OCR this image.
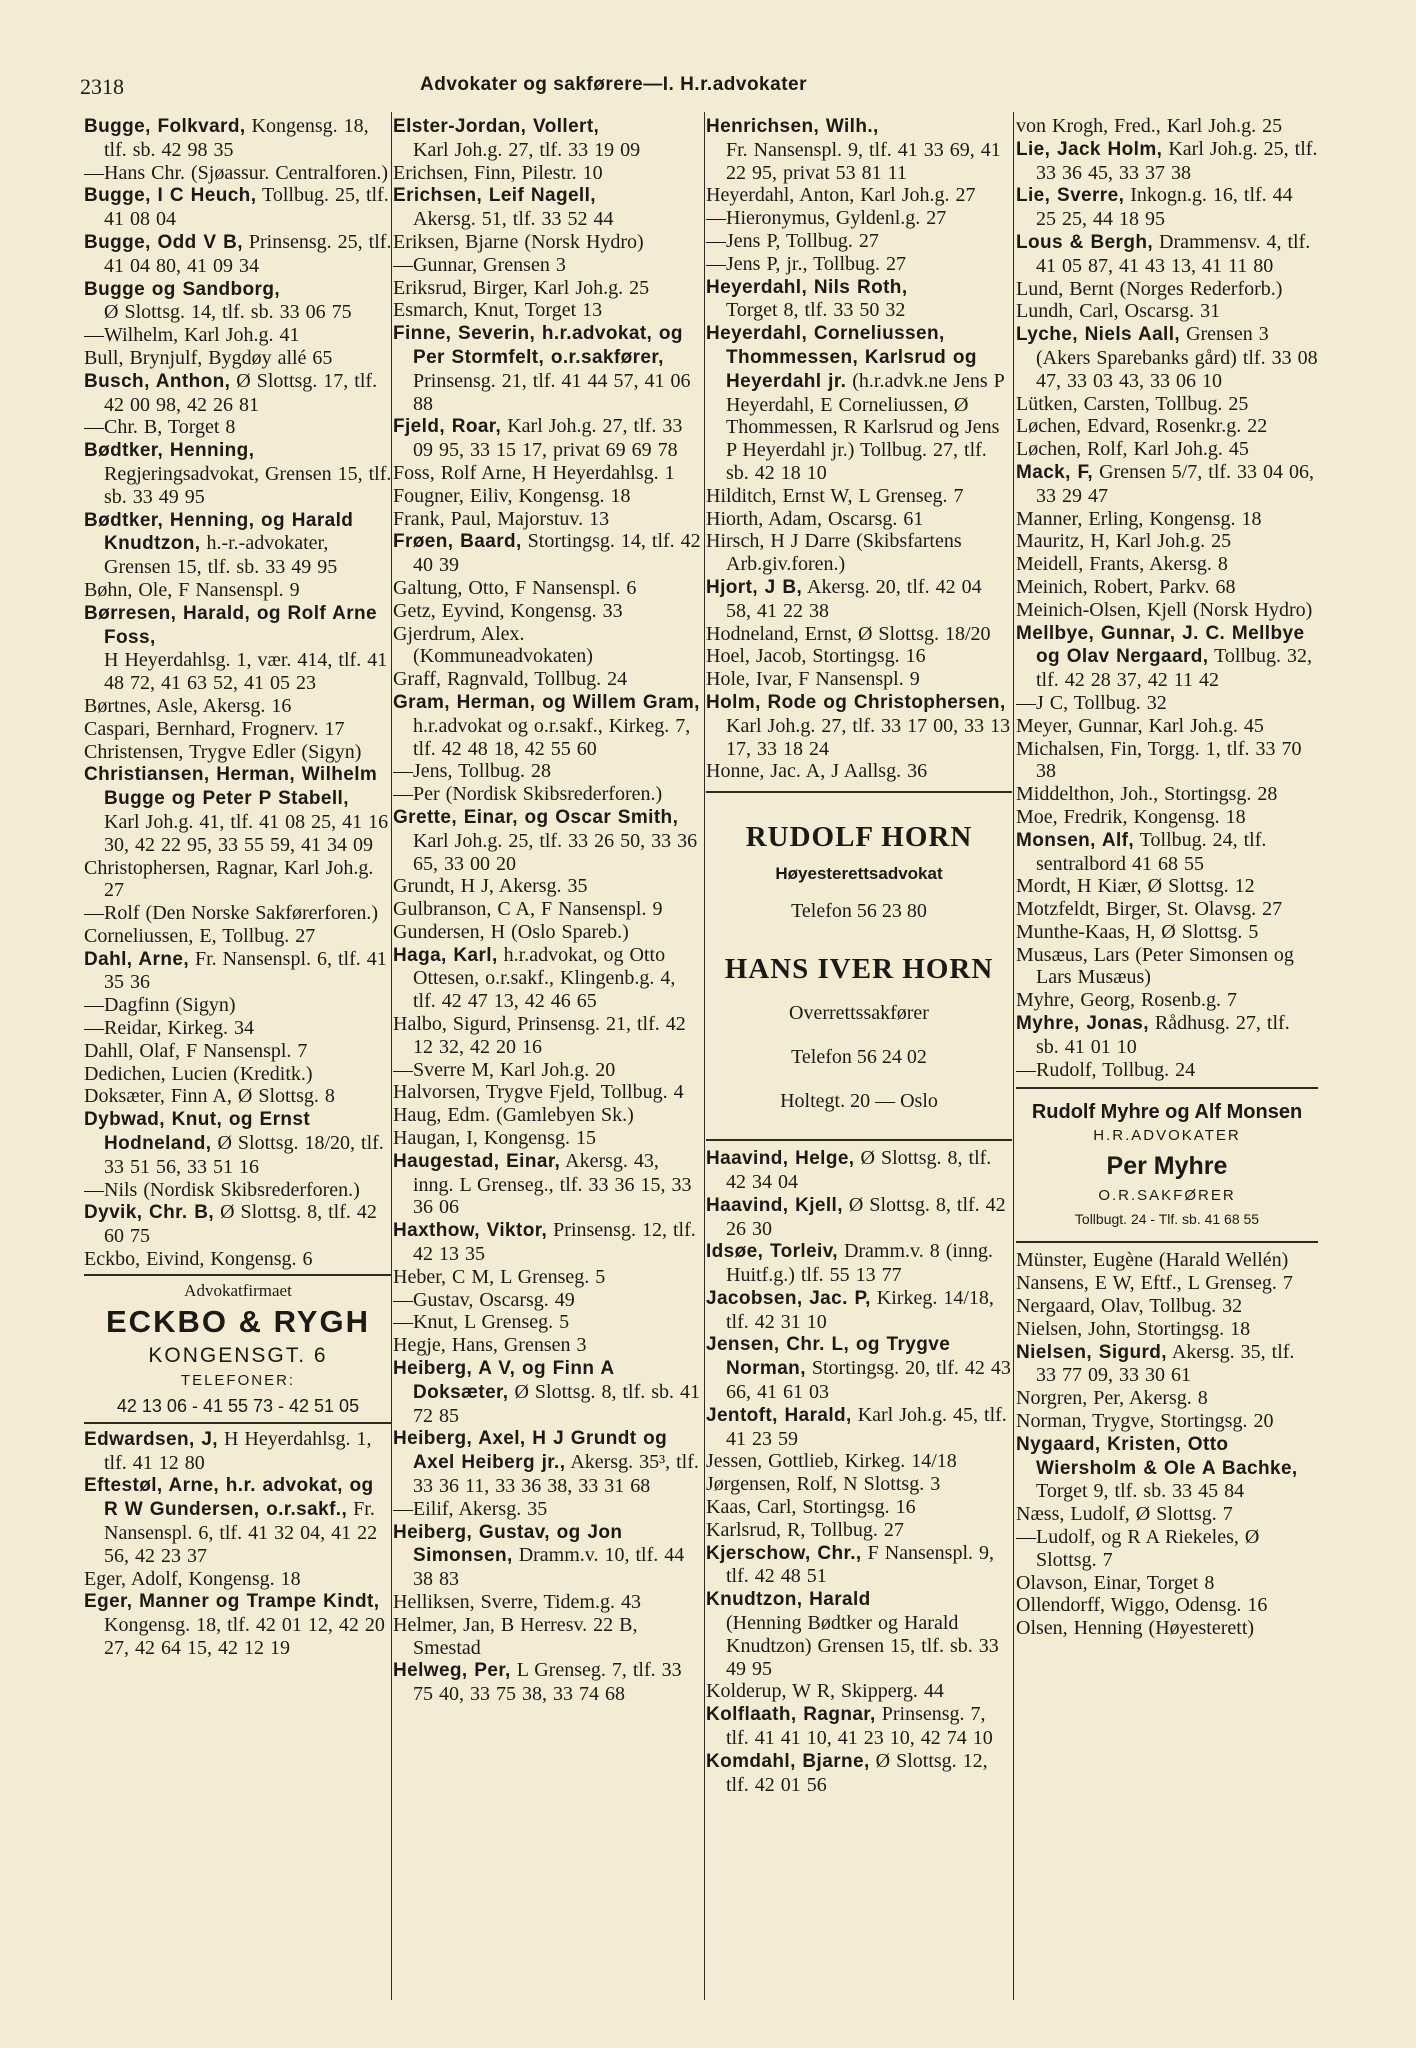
2318	Advokater og sakførere—I. H.r.advokater
Bugge, Folkvard, Kongensg. 18, tlf. sb. 42 98 35
—Hans Chr. (Sjøassur. Centralforen.)
Bugge, I C Heuch, Tollbug. 25, tlf. 41 08 04
Bugge, Odd V B, Prinsensg. 25, tlf. 41 04 80, 41 09 34
Bugge og Sandborg,
Ø Slottsg. 14, tlf. sb. 33 06 75
—Wilhelm, Karl Joh.g. 41
Bull, Brynjulf, Bygdøy allé 65
Busch, Anthon, Ø Slottsg. 17, tlf. 42 00 98, 42 26 81
—Chr. B, Torget 8
Bødtker, Henning,
Regjeringsadvokat, Grensen 15, tlf. sb. 33 49 95
Bødtker, Henning, og Harald Knudtzon, h.-r.-advokater, Grensen 15, tlf. sb. 33 49 95
Bøhn, Ole, F Nansenspl. 9
Børresen, Harald, og Rolf Arne Foss,
H Heyerdahlsg. 1, vær. 414, tlf. 41 48 72, 41 63 52, 41 05 23
Børtnes, Asle, Akersg. 16
Caspari, Bernhard, Frognerv. 17
Christensen, Trygve Edler (Sigyn)
Christiansen, Herman, Wilhelm Bugge og Peter P Stabell,
Karl Joh.g. 41, tlf. 41 08 25, 41 16 30, 42 22 95, 33 55 59, 41 34 09
Christophersen, Ragnar, Karl Joh.g. 27
—Rolf (Den Norske Sakførerforen.)
Corneliussen, E, Tollbug. 27
Dahl, Arne, Fr. Nansenspl. 6, tlf. 41 35 36
—Dagfinn (Sigyn)
—Reidar, Kirkeg. 34
Dahll, Olaf, F Nansenspl. 7
Dedichen, Lucien (Kreditk.)
Doksæter, Finn A, Ø Slottsg. 8
Dybwad, Knut, og Ernst Hodneland, Ø Slottsg. 18/20, tlf. 33 51 56, 33 51 16
—Nils (Nordisk Skibsrederforen.)
Dyvik, Chr. B, Ø Slottsg. 8, tlf. 42 60 75
Eckbo, Eivind, Kongensg. 6
Advokatfirmaet
ECKBO & RYGH
KONGENSGT. 6
TELEFONER:
42 13 06 - 41 55 73 - 42 51 05
Edwardsen, J, H Heyerdahlsg. 1, tlf. 41 12 80
Eftestøl, Arne, h.r. advokat, og R W Gundersen, o.r.sakf., Fr. Nansenspl. 6, tlf. 41 32 04, 41 22 56, 42 23 37
Eger, Adolf, Kongensg. 18
Eger, Manner og Trampe Kindt, Kongensg. 18, tlf. 42 01 12, 42 20 27, 42 64 15, 42 12 19
Elster-Jordan, Vollert,
Karl Joh.g. 27, tlf. 33 19 09
Erichsen, Finn, Pilestr. 10
Erichsen, Leif Nagell,
Akersg. 51, tlf. 33 52 44
Eriksen, Bjarne (Norsk Hydro)
—Gunnar, Grensen 3
Eriksrud, Birger, Karl Joh.g. 25
Esmarch, Knut, Torget 13
Finne, Severin, h.r.advokat, og Per Stormfelt, o.r.sakfører, Prinsensg. 21, tlf. 41 44 57, 41 06 88
Fjeld, Roar, Karl Joh.g. 27, tlf. 33 09 95, 33 15 17, privat 69 69 78
Foss, Rolf Arne, H Heyerdahlsg. 1
Fougner, Eiliv, Kongensg. 18
Frank, Paul, Majorstuv. 13
Frøen, Baard, Stortingsg. 14, tlf. 42 40 39
Galtung, Otto, F Nansenspl. 6
Getz, Eyvind, Kongensg. 33
Gjerdrum, Alex. (Kommuneadvokaten)
Graff, Ragnvald, Tollbug. 24
Gram, Herman, og Willem Gram, h.r.advokat og o.r.sakf., Kirkeg. 7, tlf. 42 48 18, 42 55 60
—Jens, Tollbug. 28
—Per (Nordisk Skibsrederforen.)
Grette, Einar, og Oscar Smith, Karl Joh.g. 25, tlf. 33 26 50, 33 36 65, 33 00 20
Grundt, H J, Akersg. 35
Gulbranson, C A, F Nansenspl. 9
Gundersen, H (Oslo Spareb.)
Haga, Karl, h.r.advokat, og Otto Ottesen, o.r.sakf., Klingenb.g. 4, tlf. 42 47 13, 42 46 65
Halbo, Sigurd, Prinsensg. 21, tlf. 42 12 32, 42 20 16
—Sverre M, Karl Joh.g. 20
Halvorsen, Trygve Fjeld, Tollbug. 4
Haug, Edm. (Gamlebyen Sk.)
Haugan, I, Kongensg. 15
Haugestad, Einar, Akersg. 43, inng. L Grenseg., tlf. 33 36 15, 33 36 06
Haxthow, Viktor, Prinsensg. 12, tlf. 42 13 35
Heber, C M, L Grenseg. 5
—Gustav, Oscarsg. 49
—Knut, L Grenseg. 5
Hegje, Hans, Grensen 3
Heiberg, A V, og Finn A Doksæter, Ø Slottsg. 8, tlf. sb. 41 72 85
Heiberg, Axel, H J Grundt og Axel Heiberg jr., Akersg. 35³, tlf. 33 36 11, 33 36 38, 33 31 68
—Eilif, Akersg. 35
Heiberg, Gustav, og Jon Simonsen, Dramm.v. 10, tlf. 44 38 83
Helliksen, Sverre, Tidem.g. 43
Helmer, Jan, B Herresv. 22 B, Smestad
Helweg, Per, L Grenseg. 7, tlf. 33 75 40, 33 75 38, 33 74 68
Henrichsen, Wilh.,
Fr. Nansenspl. 9, tlf. 41 33 69, 41 22 95, privat 53 81 11
Heyerdahl, Anton, Karl Joh.g. 27
—Hieronymus, Gyldenl.g. 27
—Jens P, Tollbug. 27
—Jens P, jr., Tollbug. 27
Heyerdahl, Nils Roth,
Torget 8, tlf. 33 50 32
Heyerdahl, Corneliussen, Thommessen, Karlsrud og Heyerdahl jr. (h.r.advk.ne Jens P Heyerdahl, E Corneliussen, Ø Thommessen, R Karlsrud og Jens P Heyerdahl jr.) Tollbug. 27, tlf. sb. 42 18 10
Hilditch, Ernst W, L Grenseg. 7
Hiorth, Adam, Oscarsg. 61
Hirsch, H J Darre (Skibsfartens Arb.giv.foren.)
Hjort, J B, Akersg. 20, tlf. 42 04 58, 41 22 38
Hodneland, Ernst, Ø Slottsg. 18/20
Hoel, Jacob, Stortingsg. 16
Hole, Ivar, F Nansenspl. 9
Holm, Rode og Christophersen, Karl Joh.g. 27, tlf. 33 17 00, 33 13 17, 33 18 24
Honne, Jac. A, J Aallsg. 36
RUDOLF HORN
Høyesterettsadvokat
Telefon 56 23 80
HANS IVER HORN
Overrettssakfører
Telefon 56 24 02
Holtegt. 20 — Oslo
Haavind, Helge, Ø Slottsg. 8, tlf. 42 34 04
Haavind, Kjell, Ø Slottsg. 8, tlf. 42 26 30
Idsøe, Torleiv, Dramm.v. 8 (inng. Huitf.g.) tlf. 55 13 77
Jacobsen, Jac. P, Kirkeg. 14/18, tlf. 42 31 10
Jensen, Chr. L, og Trygve Norman, Stortingsg. 20, tlf. 42 43 66, 41 61 03
Jentoft, Harald, Karl Joh.g. 45, tlf. 41 23 59
Jessen, Gottlieb, Kirkeg. 14/18
Jørgensen, Rolf, N Slottsg. 3
Kaas, Carl, Stortingsg. 16
Karlsrud, R, Tollbug. 27
Kjerschow, Chr., F Nansenspl. 9, tlf. 42 48 51
Knudtzon, Harald
(Henning Bødtker og Harald Knudtzon) Grensen 15, tlf. sb. 33 49 95
Kolderup, W R, Skipperg. 44
Kolflaath, Ragnar, Prinsensg. 7, tlf. 41 41 10, 41 23 10, 42 74 10
Komdahl, Bjarne, Ø Slottsg. 12, tlf. 42 01 56
von Krogh, Fred., Karl Joh.g. 25
Lie, Jack Holm, Karl Joh.g. 25, tlf. 33 36 45, 33 37 38
Lie, Sverre, Inkogn.g. 16, tlf. 44 25 25, 44 18 95
Lous & Bergh, Drammensv. 4, tlf. 41 05 87, 41 43 13, 41 11 80
Lund, Bernt (Norges Rederforb.)
Lundh, Carl, Oscarsg. 31
Lyche, Niels Aall, Grensen 3 (Akers Sparebanks gård) tlf. 33 08 47, 33 03 43, 33 06 10
Lütken, Carsten, Tollbug. 25
Løchen, Edvard, Rosenkr.g. 22
Løchen, Rolf, Karl Joh.g. 45
Mack, F, Grensen 5/7, tlf. 33 04 06, 33 29 47
Manner, Erling, Kongensg. 18
Mauritz, H, Karl Joh.g. 25
Meidell, Frants, Akersg. 8
Meinich, Robert, Parkv. 68
Meinich-Olsen, Kjell (Norsk Hydro)
Mellbye, Gunnar, J. C. Mellbye og Olav Nergaard, Tollbug. 32, tlf. 42 28 37, 42 11 42
—J C, Tollbug. 32
Meyer, Gunnar, Karl Joh.g. 45
Michalsen, Fin, Torgg. 1, tlf. 33 70 38
Middelthon, Joh., Stortingsg. 28
Moe, Fredrik, Kongensg. 18
Monsen, Alf, Tollbug. 24, tlf. sentralbord 41 68 55
Mordt, H Kiær, Ø Slottsg. 12
Motzfeldt, Birger, St. Olavsg. 27
Munthe-Kaas, H, Ø Slottsg. 5
Musæus, Lars (Peter Simonsen og Lars Musæus)
Myhre, Georg, Rosenb.g. 7
Myhre, Jonas, Rådhusg. 27, tlf. sb. 41 01 10
—Rudolf, Tollbug. 24
Rudolf Myhre og Alf Monsen
H.R.ADVOKATER
Per Myhre
O.R.SAKFØRER
Tollbugt. 24 - Tlf. sb. 41 68 55
Münster, Eugène (Harald Wellén)
Nansens, E W, Eftf., L Grenseg. 7
Nergaard, Olav, Tollbug. 32
Nielsen, John, Stortingsg. 18
Nielsen, Sigurd, Akersg. 35, tlf. 33 77 09, 33 30 61
Norgren, Per, Akersg. 8
Norman, Trygve, Stortingsg. 20
Nygaard, Kristen, Otto Wiersholm & Ole A Bachke, Torget 9, tlf. sb. 33 45 84
Næss, Ludolf, Ø Slottsg. 7
—Ludolf, og R A Riekeles, Ø Slottsg. 7
Olavson, Einar, Torget 8
Ollendorff, Wiggo, Odensg. 16
Olsen, Henning (Høyesterett)
